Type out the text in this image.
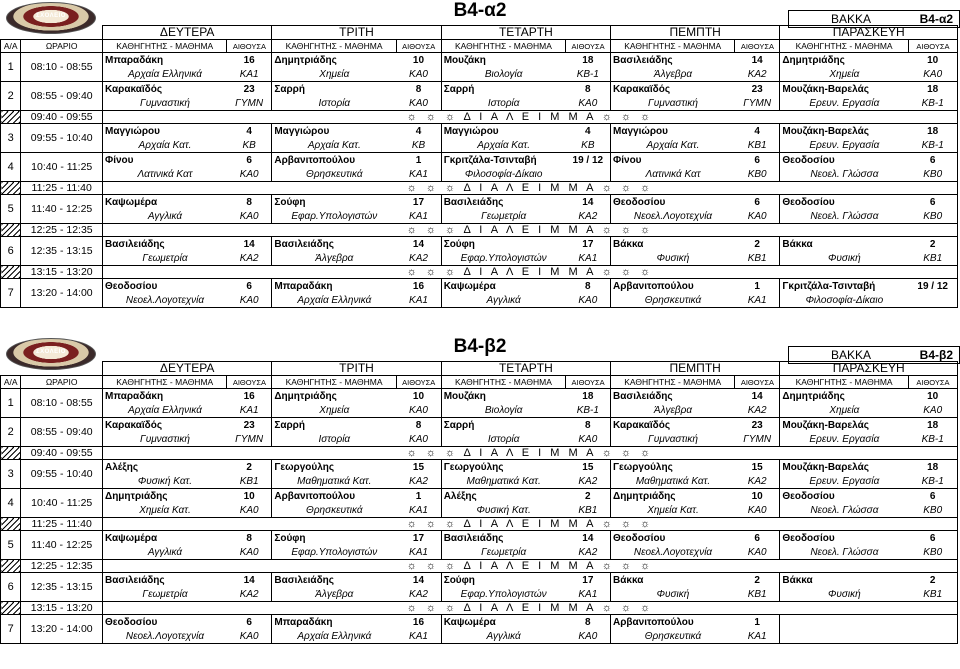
ΣΧΟΛΕΙΟ	Β4-α2	ΒΑΚΚΑ	Β4-α2
		ΔΕΥΤΕΡΑ		ΤΡΙΤΗ		ΤΕΤΑΡΤΗ		ΠΕΜΠΤΗ		ΠΑΡΑΣΚΕΥΗ	
Α/Α	ΩΡΑΡΙΟ	ΚΑΘΗΓΗΤΗΣ - ΜΑΘΗΜΑ	ΑΙΘΟΥΣΑ	ΚΑΘΗΓΗΤΗΣ - ΜΑΘΗΜΑ	ΑΙΘΟΥΣΑ	ΚΑΘΗΓΗΤΗΣ - ΜΑΘΗΜΑ	ΑΙΘΟΥΣΑ	ΚΑΘΗΓΗΤΗΣ - ΜΑΘΗΜΑ	ΑΙΘΟΥΣΑ	ΚΑΘΗΓΗΤΗΣ - ΜΑΘΗΜΑ	ΑΙΘΟΥΣΑ
1	08:10 - 08:55	Μπαραδάκη	16	Δημητριάδης	10	Μουζάκη	18	Βασιλειάδης	14	Δημητριάδης	10
		Αρχαία Ελληνικά	ΚΑ1	Χημεία	ΚΑ0	Βιολογία	ΚΒ-1	Άλγεβρα	ΚΑ2	Χημεία	ΚΑ0
2	08:55 - 09:40	Καρακαϊδός	23	Σαρρή	8	Σαρρή	8	Καρακαϊδός	23	Μουζάκη-Βαρελάς	18
		Γυμναστική	ΓΥΜΝ	Ιστορία	ΚΑ0	Ιστορία	ΚΑ0	Γυμναστική	ΓΥΜΝ	Ερευν. Εργασία	ΚΒ-1
	09:40 - 09:55	☼ ☼ ☼ Δ Ι Α Λ Ε Ι Μ Μ Α ☼ ☼ ☼									
3	09:55 - 10:40	Μαγγιώρου	4	Μαγγιώρου	4	Μαγγιώρου	4	Μαγγιώρου	4	Μουζάκη-Βαρελάς	18
		Αρχαία Κατ.	ΚΒ	Αρχαία Κατ.	ΚΒ	Αρχαία Κατ.	ΚΒ	Αρχαία Κατ.	ΚΒ1	Ερευν. Εργασία	ΚΒ-1
4	10:40 - 11:25	Φίνου	6	Αρβανιτοπούλου	1	Γκριτζάλα-Τσινταβή	19 / 12	Φίνου	6	Θεοδοσίου	6
		Λατινικά Κατ	ΚΑ0	Θρησκευτικά	ΚΑ1	Φιλοσοφία-Δίκαιο		Λατινικά Κατ	ΚΒ0	Νεοελ. Γλώσσα	ΚΒ0
	11:25 - 11:40	☼ ☼ ☼ Δ Ι Α Λ Ε Ι Μ Μ Α ☼ ☼ ☼									
5	11:40 - 12:25	Καψωμέρα	8	Σούφη	17	Βασιλειάδης	14	Θεοδοσίου	6	Θεοδοσίου	6
		Αγγλικά	ΚΑ0	Εφαρ.Υπολογιστών	ΚΑ1	Γεωμετρία	ΚΑ2	Νεοελ.Λογοτεχνία	ΚΑ0	Νεοελ. Γλώσσα	ΚΒ0
	12:25 - 12:35	☼ ☼ ☼ Δ Ι Α Λ Ε Ι Μ Μ Α ☼ ☼ ☼									
6	12:35 - 13:15	Βασιλειάδης	14	Βασιλειάδης	14	Σούφη	17	Βάκκα	2	Βάκκα	2
		Γεωμετρία	ΚΑ2	Άλγεβρα	ΚΑ2	Εφαρ.Υπολογιστών	ΚΑ1	Φυσική	ΚΒ1	Φυσική	ΚΒ1
	13:15 - 13:20	☼ ☼ ☼ Δ Ι Α Λ Ε Ι Μ Μ Α ☼ ☼ ☼									
7	13:20 - 14:00	Θεοδοσίου	6	Μπαραδάκη	16	Καψωμέρα	8	Αρβανιτοπούλου	1	Γκριτζάλα-Τσινταβή	19 / 12
		Νεοελ.Λογοτεχνία	ΚΑ0	Αρχαία Ελληνικά	ΚΑ1	Αγγλικά	ΚΑ0	Θρησκευτικά	ΚΑ1	Φιλοσοφία-Δίκαιο	
ΣΧΟΛΕΙΟ	Β4-β2	ΒΑΚΚΑ	Β4-β2
		ΔΕΥΤΕΡΑ		ΤΡΙΤΗ		ΤΕΤΑΡΤΗ		ΠΕΜΠΤΗ		ΠΑΡΑΣΚΕΥΗ	
Α/Α	ΩΡΑΡΙΟ	ΚΑΘΗΓΗΤΗΣ - ΜΑΘΗΜΑ	ΑΙΘΟΥΣΑ	ΚΑΘΗΓΗΤΗΣ - ΜΑΘΗΜΑ	ΑΙΘΟΥΣΑ	ΚΑΘΗΓΗΤΗΣ - ΜΑΘΗΜΑ	ΑΙΘΟΥΣΑ	ΚΑΘΗΓΗΤΗΣ - ΜΑΘΗΜΑ	ΑΙΘΟΥΣΑ	ΚΑΘΗΓΗΤΗΣ - ΜΑΘΗΜΑ	ΑΙΘΟΥΣΑ
1	08:10 - 08:55	Μπαραδάκη	16	Δημητριάδης	10	Μουζάκη	18	Βασιλειάδης	14	Δημητριάδης	10
		Αρχαία Ελληνικά	ΚΑ1	Χημεία	ΚΑ0	Βιολογία	ΚΒ-1	Άλγεβρα	ΚΑ2	Χημεία	ΚΑ0
2	08:55 - 09:40	Καρακαϊδός	23	Σαρρή	8	Σαρρή	8	Καρακαϊδός	23	Μουζάκη-Βαρελάς	18
		Γυμναστική	ΓΥΜΝ	Ιστορία	ΚΑ0	Ιστορία	ΚΑ0	Γυμναστική	ΓΥΜΝ	Ερευν. Εργασία	ΚΒ-1
	09:40 - 09:55	☼ ☼ ☼ Δ Ι Α Λ Ε Ι Μ Μ Α ☼ ☼ ☼									
3	09:55 - 10:40	Αλέξης	2	Γεωργούλης	15	Γεωργούλης	15	Γεωργούλης	15	Μουζάκη-Βαρελάς	18
		Φυσική Κατ.	ΚΒ1	Μαθηματικά Κατ.	ΚΑ2	Μαθηματικά Κατ.	ΚΑ2	Μαθηματικά Κατ.	ΚΑ2	Ερευν. Εργασία	ΚΒ-1
4	10:40 - 11:25	Δημητριάδης	10	Αρβανιτοπούλου	1	Αλέξης	2	Δημητριάδης	10	Θεοδοσίου	6
		Χημεία Κατ.	ΚΑ0	Θρησκευτικά	ΚΑ1	Φυσική Κατ.	ΚΒ1	Χημεία Κατ.	ΚΑ0	Νεοελ. Γλώσσα	ΚΒ0
	11:25 - 11:40	☼ ☼ ☼ Δ Ι Α Λ Ε Ι Μ Μ Α ☼ ☼ ☼									
5	11:40 - 12:25	Καψωμέρα	8	Σούφη	17	Βασιλειάδης	14	Θεοδοσίου	6	Θεοδοσίου	6
		Αγγλικά	ΚΑ0	Εφαρ.Υπολογιστών	ΚΑ1	Γεωμετρία	ΚΑ2	Νεοελ.Λογοτεχνία	ΚΑ0	Νεοελ. Γλώσσα	ΚΒ0
	12:25 - 12:35	☼ ☼ ☼ Δ Ι Α Λ Ε Ι Μ Μ Α ☼ ☼ ☼									
6	12:35 - 13:15	Βασιλειάδης	14	Βασιλειάδης	14	Σούφη	17	Βάκκα	2	Βάκκα	2
		Γεωμετρία	ΚΑ2	Άλγεβρα	ΚΑ2	Εφαρ.Υπολογιστών	ΚΑ1	Φυσική	ΚΒ1	Φυσική	ΚΒ1
	13:15 - 13:20	☼ ☼ ☼ Δ Ι Α Λ Ε Ι Μ Μ Α ☼ ☼ ☼									
7	13:20 - 14:00	Θεοδοσίου	6	Μπαραδάκη	16	Καψωμέρα	8	Αρβανιτοπούλου	1		
		Νεοελ.Λογοτεχνία	ΚΑ0	Αρχαία Ελληνικά	ΚΑ1	Αγγλικά	ΚΑ0	Θρησκευτικά	ΚΑ1		
